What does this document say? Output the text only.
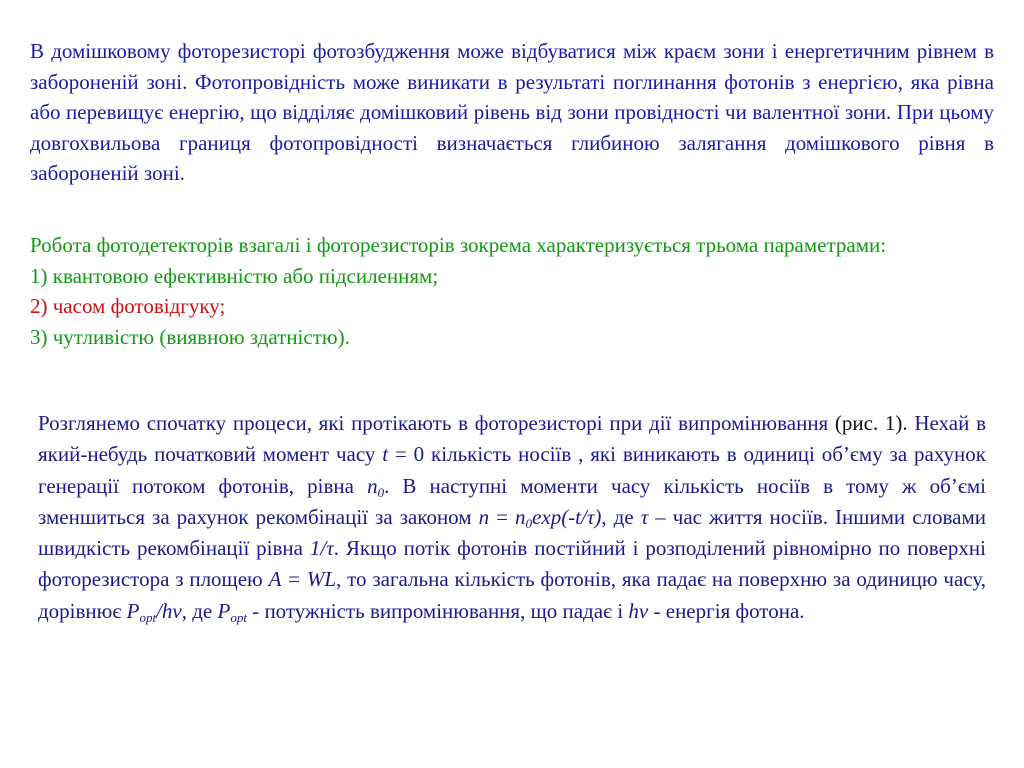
В домішковому фоторезисторі фотозбудження може відбуватися між краєм зони і енергетичним рівнем в забороненій зоні. Фотопровідність може виникати в результаті поглинання фотонів з енергією, яка рівна або перевищує енергію, що відділяє домішковий рівень від зони провідності чи валентної зони. При цьому довгохвильова границя фотопровідності визначається глибиною залягання домішкового рівня в забороненій зоні.

Робота фотодетекторів взагалі і фоторезисторів зокрема характеризується трьома параметрами:
1) квантовою ефективністю або підсиленням;
2) часом фотовідгуку;
3) чутливістю (виявною здатністю).

Розглянемо спочатку процеси, які протікають в фоторезисторі при дії випромінювання (рис. 1). Нехай в який-небудь початковий момент часу t = 0 кількість носіїв , які виникають в одиниці об’єму за рахунок генерації потоком фотонів, рівна $n_0$. В наступні моменти часу кількість носіїв в тому ж об’ємі зменшиться за рахунок рекомбінації за законом $n = n_0\exp(-t/\tau)$, де τ – час життя носіїв. Іншими словами швидкість рекомбінації рівна 1/τ. Якщо потік фотонів постійний і розподілений рівномірно по поверхні фоторезистора з площею A = WL, то загальна кількість фотонів, яка падає на поверхню за одиницю часу, дорівнює $P_{opt}/h\nu$, де $P_{opt}$ - потужність випромінювання, що падає і hν - енергія фотона.
